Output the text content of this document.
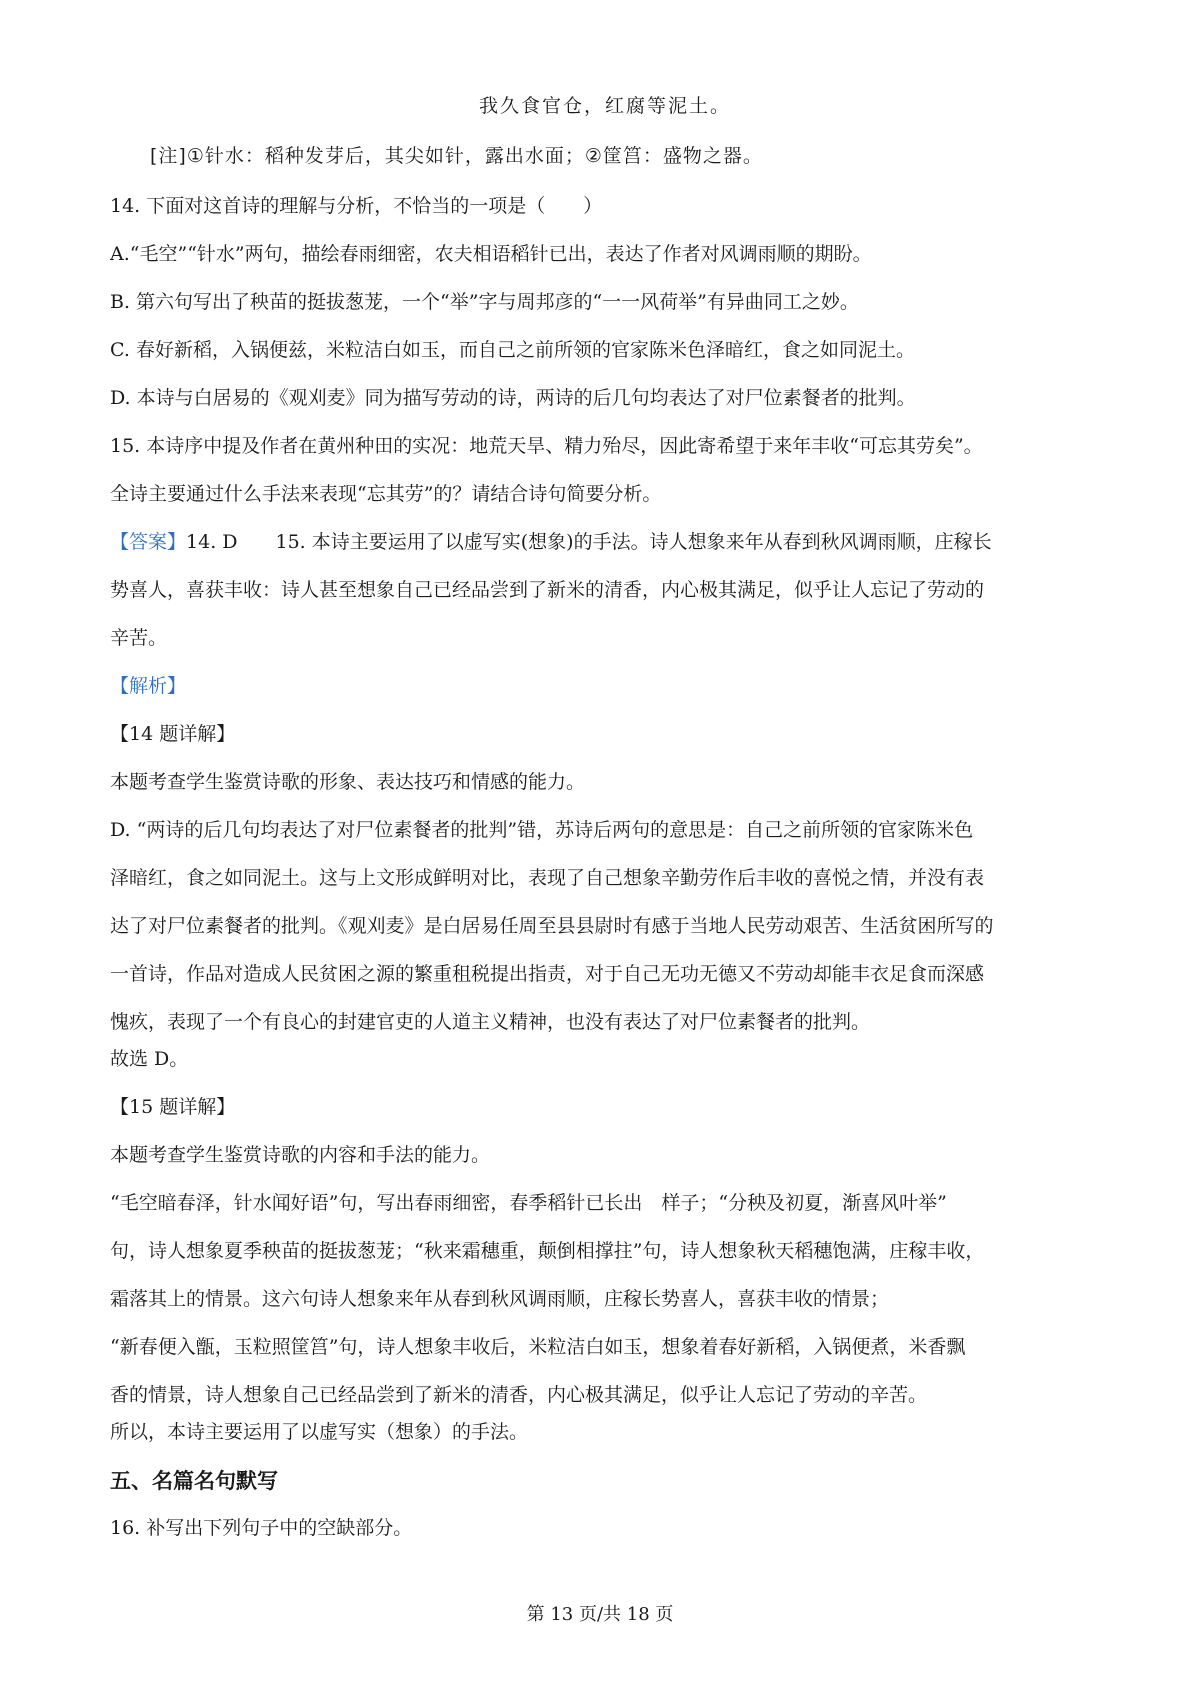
我久食官仓，红腐等泥土。

[注]①针水：稻种发芽后，其尖如针，露出水面；②筐筥：盛物之器。

14. 下面对这首诗的理解与分析，不恰当的一项是（　　）

A.“毛空”“针水”两句，描绘春雨细密，农夫相语稻针已出，表达了作者对风调雨顺的期盼。

B. 第六句写出了秧苗的挺拔葱茏，一个“举”字与周邦彦的“一一风荷举”有异曲同工之妙。

C. 春好新稻，入锅便兹，米粒洁白如玉，而自己之前所领的官家陈米色泽暗红，食之如同泥土。

D. 本诗与白居易的《观刈麦》同为描写劳动的诗，两诗的后几句均表达了对尸位素餐者的批判。

15. 本诗序中提及作者在黄州种田的实况：地荒天旱、精力殆尽，因此寄希望于来年丰收“可忘其劳矣”。

全诗主要通过什么手法来表现“忘其劳”的？请结合诗句简要分析。

【答案】14. D　　15. 本诗主要运用了以虚写实(想象)的手法。诗人想象来年从春到秋风调雨顺，庄稼长

势喜人，喜获丰收：诗人甚至想象自己已经品尝到了新米的清香，内心极其满足，似乎让人忘记了劳动的

辛苦。

【解析】

【14 题详解】

本题考查学生鉴赏诗歌的形象、表达技巧和情感的能力。

D. “两诗的后几句均表达了对尸位素餐者的批判”错，苏诗后两句的意思是：自己之前所领的官家陈米色

泽暗红，食之如同泥土。这与上文形成鲜明对比，表现了自己想象辛勤劳作后丰收的喜悦之情，并没有表

达了对尸位素餐者的批判。《观刈麦》是白居易任周至县县尉时有感于当地人民劳动艰苦、生活贫困所写的

一首诗，作品对造成人民贫困之源的繁重租税提出指责，对于自己无功无德又不劳动却能丰衣足食而深感

愧疚，表现了一个有良心的封建官吏的人道主义精神，也没有表达了对尸位素餐者的批判。

故选 D。

【15 题详解】

本题考查学生鉴赏诗歌的内容和手法的能力。

“毛空暗春泽，针水闻好语”句，写出春雨细密，春季稻针已长出　样子；“分秧及初夏，渐喜风叶举”

句，诗人想象夏季秧苗的挺拔葱茏；“秋来霜穗重，颠倒相撑拄”句，诗人想象秋天稻穗饱满，庄稼丰收，

霜落其上的情景。这六句诗人想象来年从春到秋风调雨顺，庄稼长势喜人，喜获丰收的情景；

“新春便入甑，玉粒照筐筥”句，诗人想象丰收后，米粒洁白如玉，想象着春好新稻，入锅便煮，米香飘

香的情景，诗人想象自己已经品尝到了新米的清香，内心极其满足，似乎让人忘记了劳动的辛苦。

所以，本诗主要运用了以虚写实（想象）的手法。

五、名篇名句默写

16. 补写出下列句子中的空缺部分。

第 13 页/共 18 页
